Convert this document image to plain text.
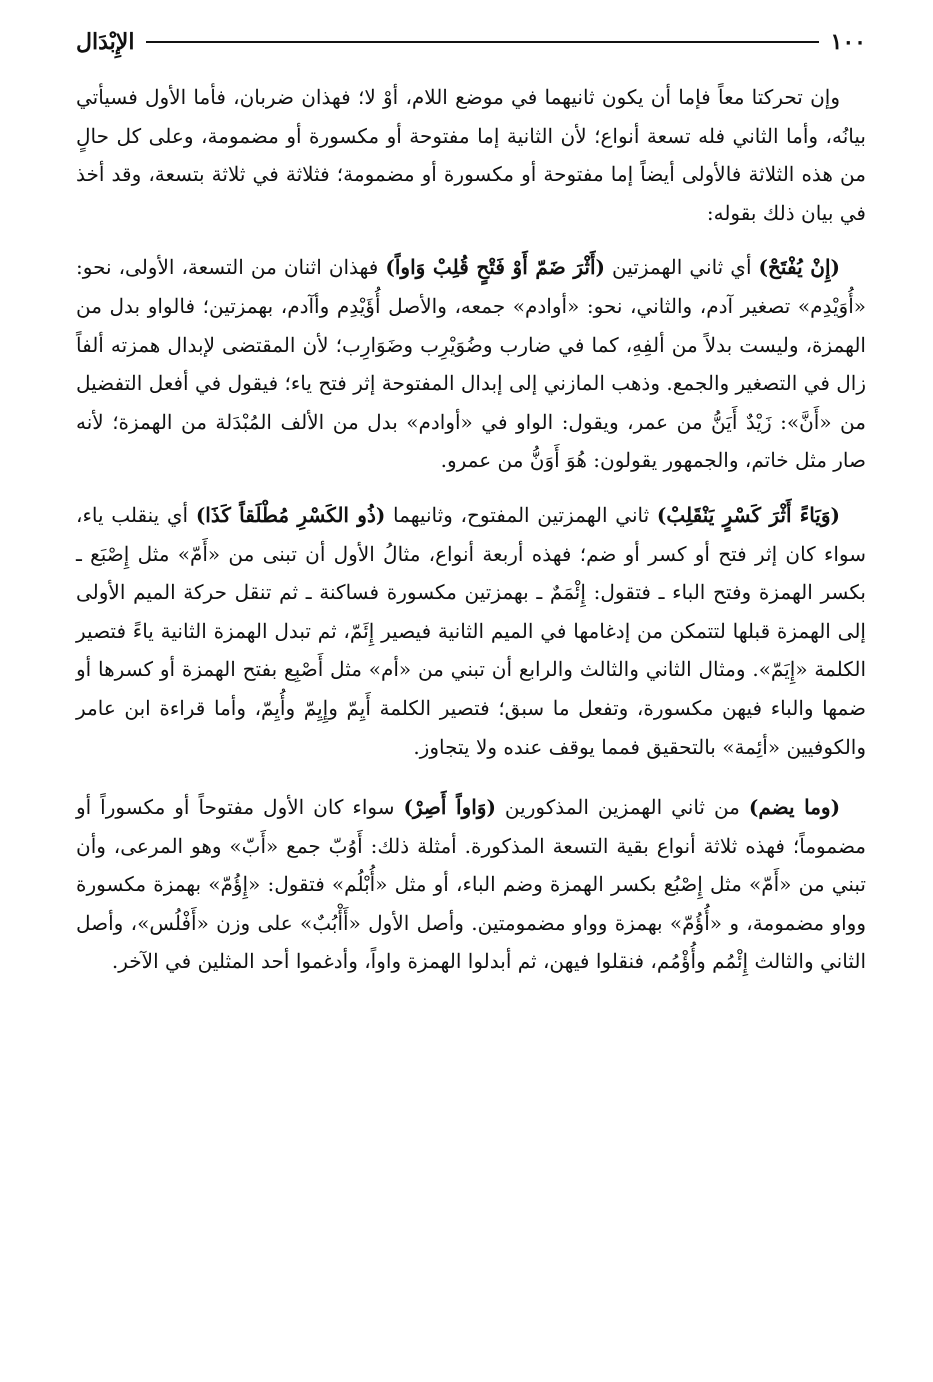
١٠٠
الإِبْدَال

وإن تحركتا معاً فإما أن يكون ثانيهما في موضع اللام، أوْ لا؛ فهذان ضربان، فأما الأول فسيأتي بيانُه، وأما الثاني فله تسعة أنواع؛ لأن الثانية إما مفتوحة أو مكسورة أو مضمومة، وعلى كل حالٍ من هذه الثلاثة فالأولى أيضاً إما مفتوحة أو مكسورة أو مضمومة؛ فثلاثة في ثلاثة بتسعة، وقد أخذ في بيان ذلك بقوله:

(إِنْ يُفْتَحْ) أي ثاني الهمزتين (أَثْرَ ضَمّ أَوْ فَتْحٍ قُلِبْ وَاواً) فهذان اثنان من التسعة، الأولى، نحو: «أُوَيْدِم» تصغير آدم، والثاني، نحو: «أوادم» جمعه، والأصل أُؤَيْدِم وأآدم، بهمزتين؛ فالواو بدل من الهمزة، وليست بدلاً من ألفِهِ، كما في ضارب وضُوَيْرِب وضَوَارِب؛ لأن المقتضى لإبدال همزته ألفاً زال في التصغير والجمع. وذهب المازني إلى إبدال المفتوحة إثر فتح ياء؛ فيقول في أفعل التفضيل من «أَنَّ»: زَيْدٌ أَيَنُّ من عمر، ويقول: الواو في «أوادم» بدل من الألف المُبْدَلة من الهمزة؛ لأنه صار مثل خاتم، والجمهور يقولون: هُوَ أَوَنُّ من عمرو.

(وَيَاءً أَثْرَ كَسْرٍ يَنْقَلِبْ) ثاني الهمزتين المفتوح، وثانيهما (ذُو الكَسْرِ مُطْلَقاً كَذَا) أي ينقلب ياء، سواء كان إثر فتح أو كسر أو ضم؛ فهذه أربعة أنواع، مثالُ الأول أن تبنى من «أَمّ» مثل إِصْبَع ـ بكسر الهمزة وفتح الباء ـ فتقول: إِئْمَمٌ ـ بهمزتين مكسورة فساكنة ـ ثم تنقل حركة الميم الأولى إلى الهمزة قبلها لتتمكن من إدغامها في الميم الثانية فيصير إِئَمّ، ثم تبدل الهمزة الثانية ياءً فتصير الكلمة «إِيَمّ». ومثال الثاني والثالث والرابع أن تبني من «أم» مثل أَصْبِع بفتح الهمزة أو كسرها أو ضمها والباء فيهن مكسورة، وتفعل ما سبق؛ فتصير الكلمة أَيِمّ وإِيِمّ وأُيِمّ، وأما قراءة ابن عامر والكوفيين «أئِمة» بالتحقيق فمما يوقف عنده ولا يتجاوز.

(وما يضم) من ثاني الهمزين المذكورين (وَاواً أَصِرْ) سواء كان الأول مفتوحاً أو مكسوراً أو مضموماً؛ فهذه ثلاثة أنواع بقية التسعة المذكورة. أمثلة ذلك: أَوُبّ جمع «أَبّ» وهو المرعى، وأن تبني من «أَمّ» مثل إِصْبُع بكسر الهمزة وضم الباء، أو مثل «أُبْلُم» فتقول: «إِؤُمّ» بهمزة مكسورة وواو مضمومة، و «أُؤُمّ» بهمزة وواو مضمومتين. وأصل الأول «أَأْبُبٌ» على وزن «أَفْلُس»، وأصل الثاني والثالث إِئْمُم وأُؤْمُم، فنقلوا فيهن، ثم أبدلوا الهمزة واواً، وأدغموا أحد المثلين في الآخر.
